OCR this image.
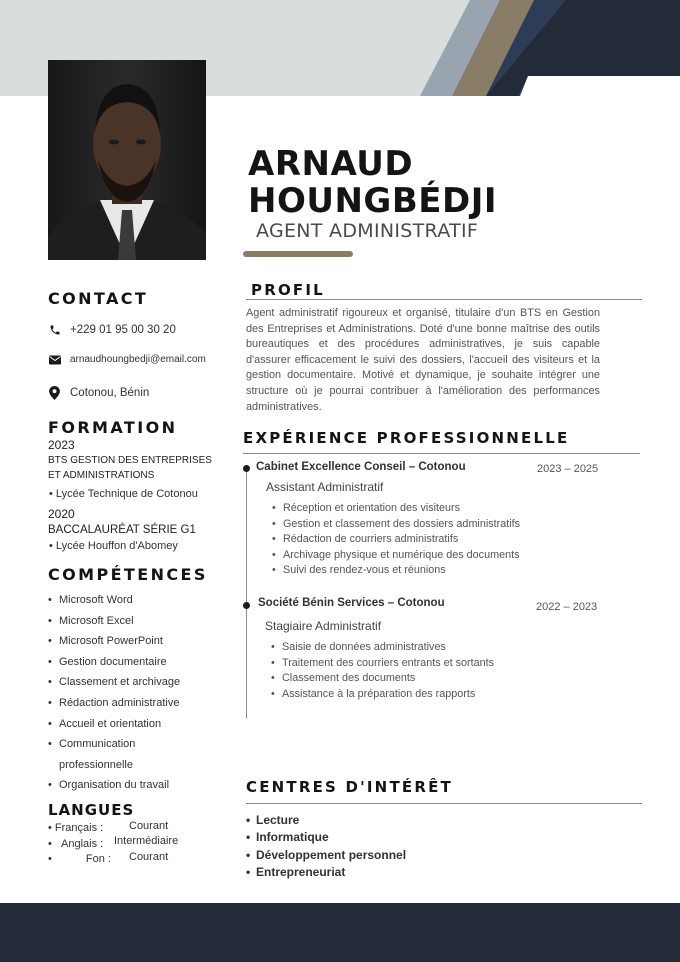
ARNAUD
HOUNGBÉDJI
AGENT ADMINISTRATIF
CONTACT
+229 01 95 00 30 20
arnaudhoungbedji@email.com
Cotonou, Bénin
FORMATION
2023
BTS GESTION DES ENTREPRISES ET ADMINISTRATIONS
• Lycée Technique de Cotonou
2020
BACCALAURÉAT SÉRIE G1
• Lycée Houffon d'Abomey
COMPÉTENCES
• Microsoft Word
• Microsoft Excel
• Microsoft PowerPoint
• Gestion documentaire
• Classement et archivage
• Rédaction administrative
• Accueil et orientation
• Communication
professionnelle
• Organisation du travail
LANGUES
• Français : Courant
•   Anglais : Intermédiaire
•	Fon : Courant
PROFIL
Agent administratif rigoureux et organisé, titulaire d'un BTS en Gestion des Entreprises et Administrations. Doté d'une bonne maîtrise des outils bureautiques et des procédures administratives, je suis capable d'assurer efficacement le suivi des dossiers, l'accueil des visiteurs et la gestion documentaire. Motivé et dynamique, je souhaite intégrer une structure où je pourrai contribuer à l'amélioration des performances administratives.
EXPÉRIENCE PROFESSIONNELLE
Cabinet Excellence Conseil – Cotonou	2023 – 2025
Assistant Administratif
• Réception et orientation des visiteurs
• Gestion et classement des dossiers administratifs
• Rédaction de courriers administratifs
• Archivage physique et numérique des documents
• Suivi des rendez-vous et réunions
Société Bénin Services – Cotonou	2022 – 2023
Stagiaire Administratif
• Saisie de données administratives
• Traitement des courriers entrants et sortants
• Classement des documents
• Assistance à la préparation des rapports
CENTRES D'INTÉRÊT
• Lecture
• Informatique
• Développement personnel
• Entrepreneuriat
